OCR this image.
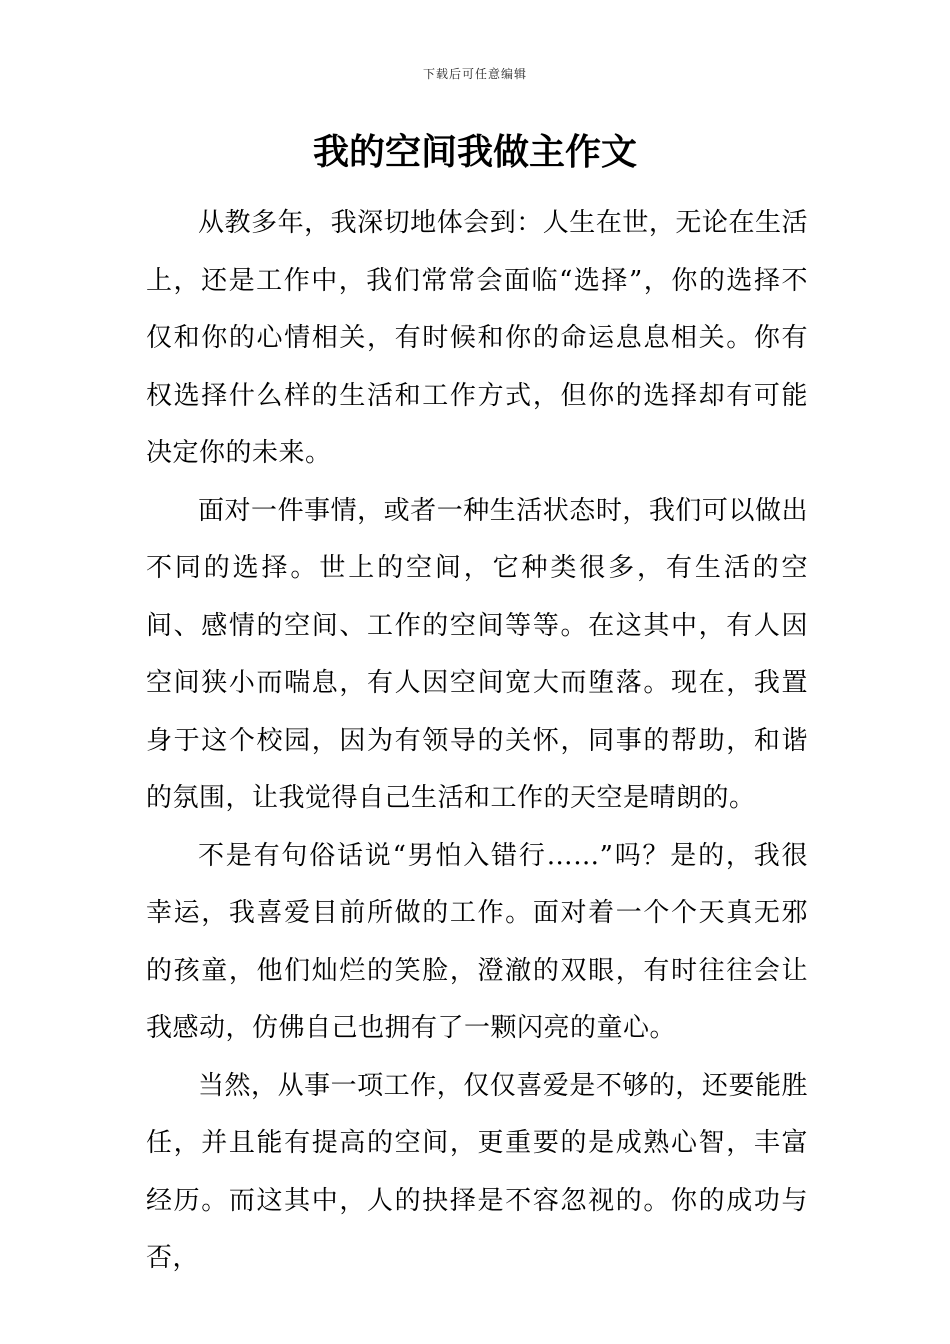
下载后可任意编辑
我的空间我做主作文

从教多年，我深切地体会到：人生在世，无论在生活上，还是工作中，我们常常会面临“选择”，你的选择不仅和你的心情相关，有时候和你的命运息息相关。你有权选择什么样的生活和工作方式，但你的选择却有可能决定你的未来。

面对一件事情，或者一种生活状态时，我们可以做出不同的选择。世上的空间，它种类很多，有生活的空间、感情的空间、工作的空间等等。在这其中，有人因空间狭小而喘息，有人因空间宽大而堕落。现在，我置身于这个校园，因为有领导的关怀，同事的帮助，和谐的氛围，让我觉得自己生活和工作的天空是晴朗的。

不是有句俗话说“男怕入错行……”吗？是的，我很幸运，我喜爱目前所做的工作。面对着一个个天真无邪的孩童，他们灿烂的笑脸，澄澈的双眼，有时往往会让我感动，仿佛自己也拥有了一颗闪亮的童心。

当然，从事一项工作，仅仅喜爱是不够的，还要能胜任，并且能有提高的空间，更重要的是成熟心智，丰富经历。而这其中，人的抉择是不容忽视的。你的成功与否，
